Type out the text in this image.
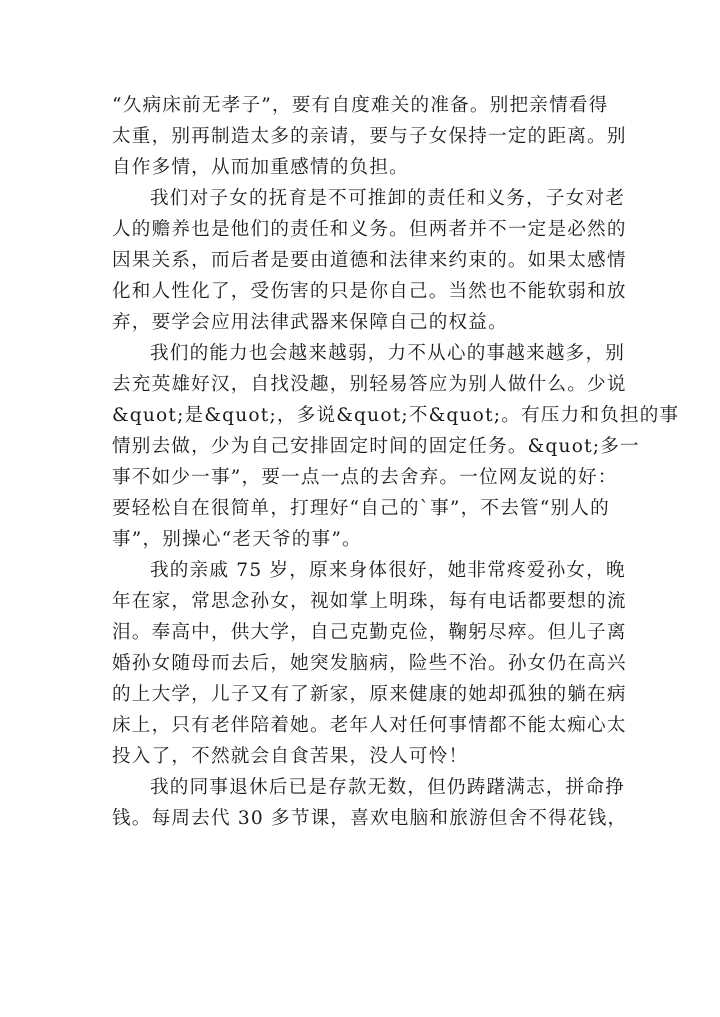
“久病床前无孝子”，要有自度难关的准备。别把亲情看得
太重，别再制造太多的亲请，要与子女保持一定的距离。别
自作多情，从而加重感情的负担。
我们对子女的抚育是不可推卸的责任和义务，子女对老
人的赡养也是他们的责任和义务。但两者并不一定是必然的
因果关系，而后者是要由道德和法律来约束的。如果太感情
化和人性化了，受伤害的只是你自己。当然也不能软弱和放
弃，要学会应用法律武器来保障自己的权益。
我们的能力也会越来越弱，力不从心的事越来越多，别
去充英雄好汉，自找没趣，别轻易答应为别人做什么。少说
&quot;是&quot;，多说&quot;不&quot;。有压力和负担的事
情别去做，少为自己安排固定时间的固定任务。&quot;多一
事不如少一事”，要一点一点的去舍弃。一位网友说的好：
要轻松自在很简单，打理好“自己的`事”，不去管“别人的
事”，别操心“老天爷的事”。
我的亲戚 75 岁，原来身体很好，她非常疼爱孙女，晚
年在家，常思念孙女，视如掌上明珠，每有电话都要想的流
泪。奉高中，供大学，自己克勤克俭，鞠躬尽瘁。但儿子离
婚孙女随母而去后，她突发脑病，险些不治。孙女仍在高兴
的上大学，儿子又有了新家，原来健康的她却孤独的躺在病
床上，只有老伴陪着她。老年人对任何事情都不能太痴心太
投入了，不然就会自食苦果，没人可怜！
我的同事退休后已是存款无数，但仍踌躇满志，拼命挣
钱。每周去代 30 多节课，喜欢电脑和旅游但舍不得花钱，
